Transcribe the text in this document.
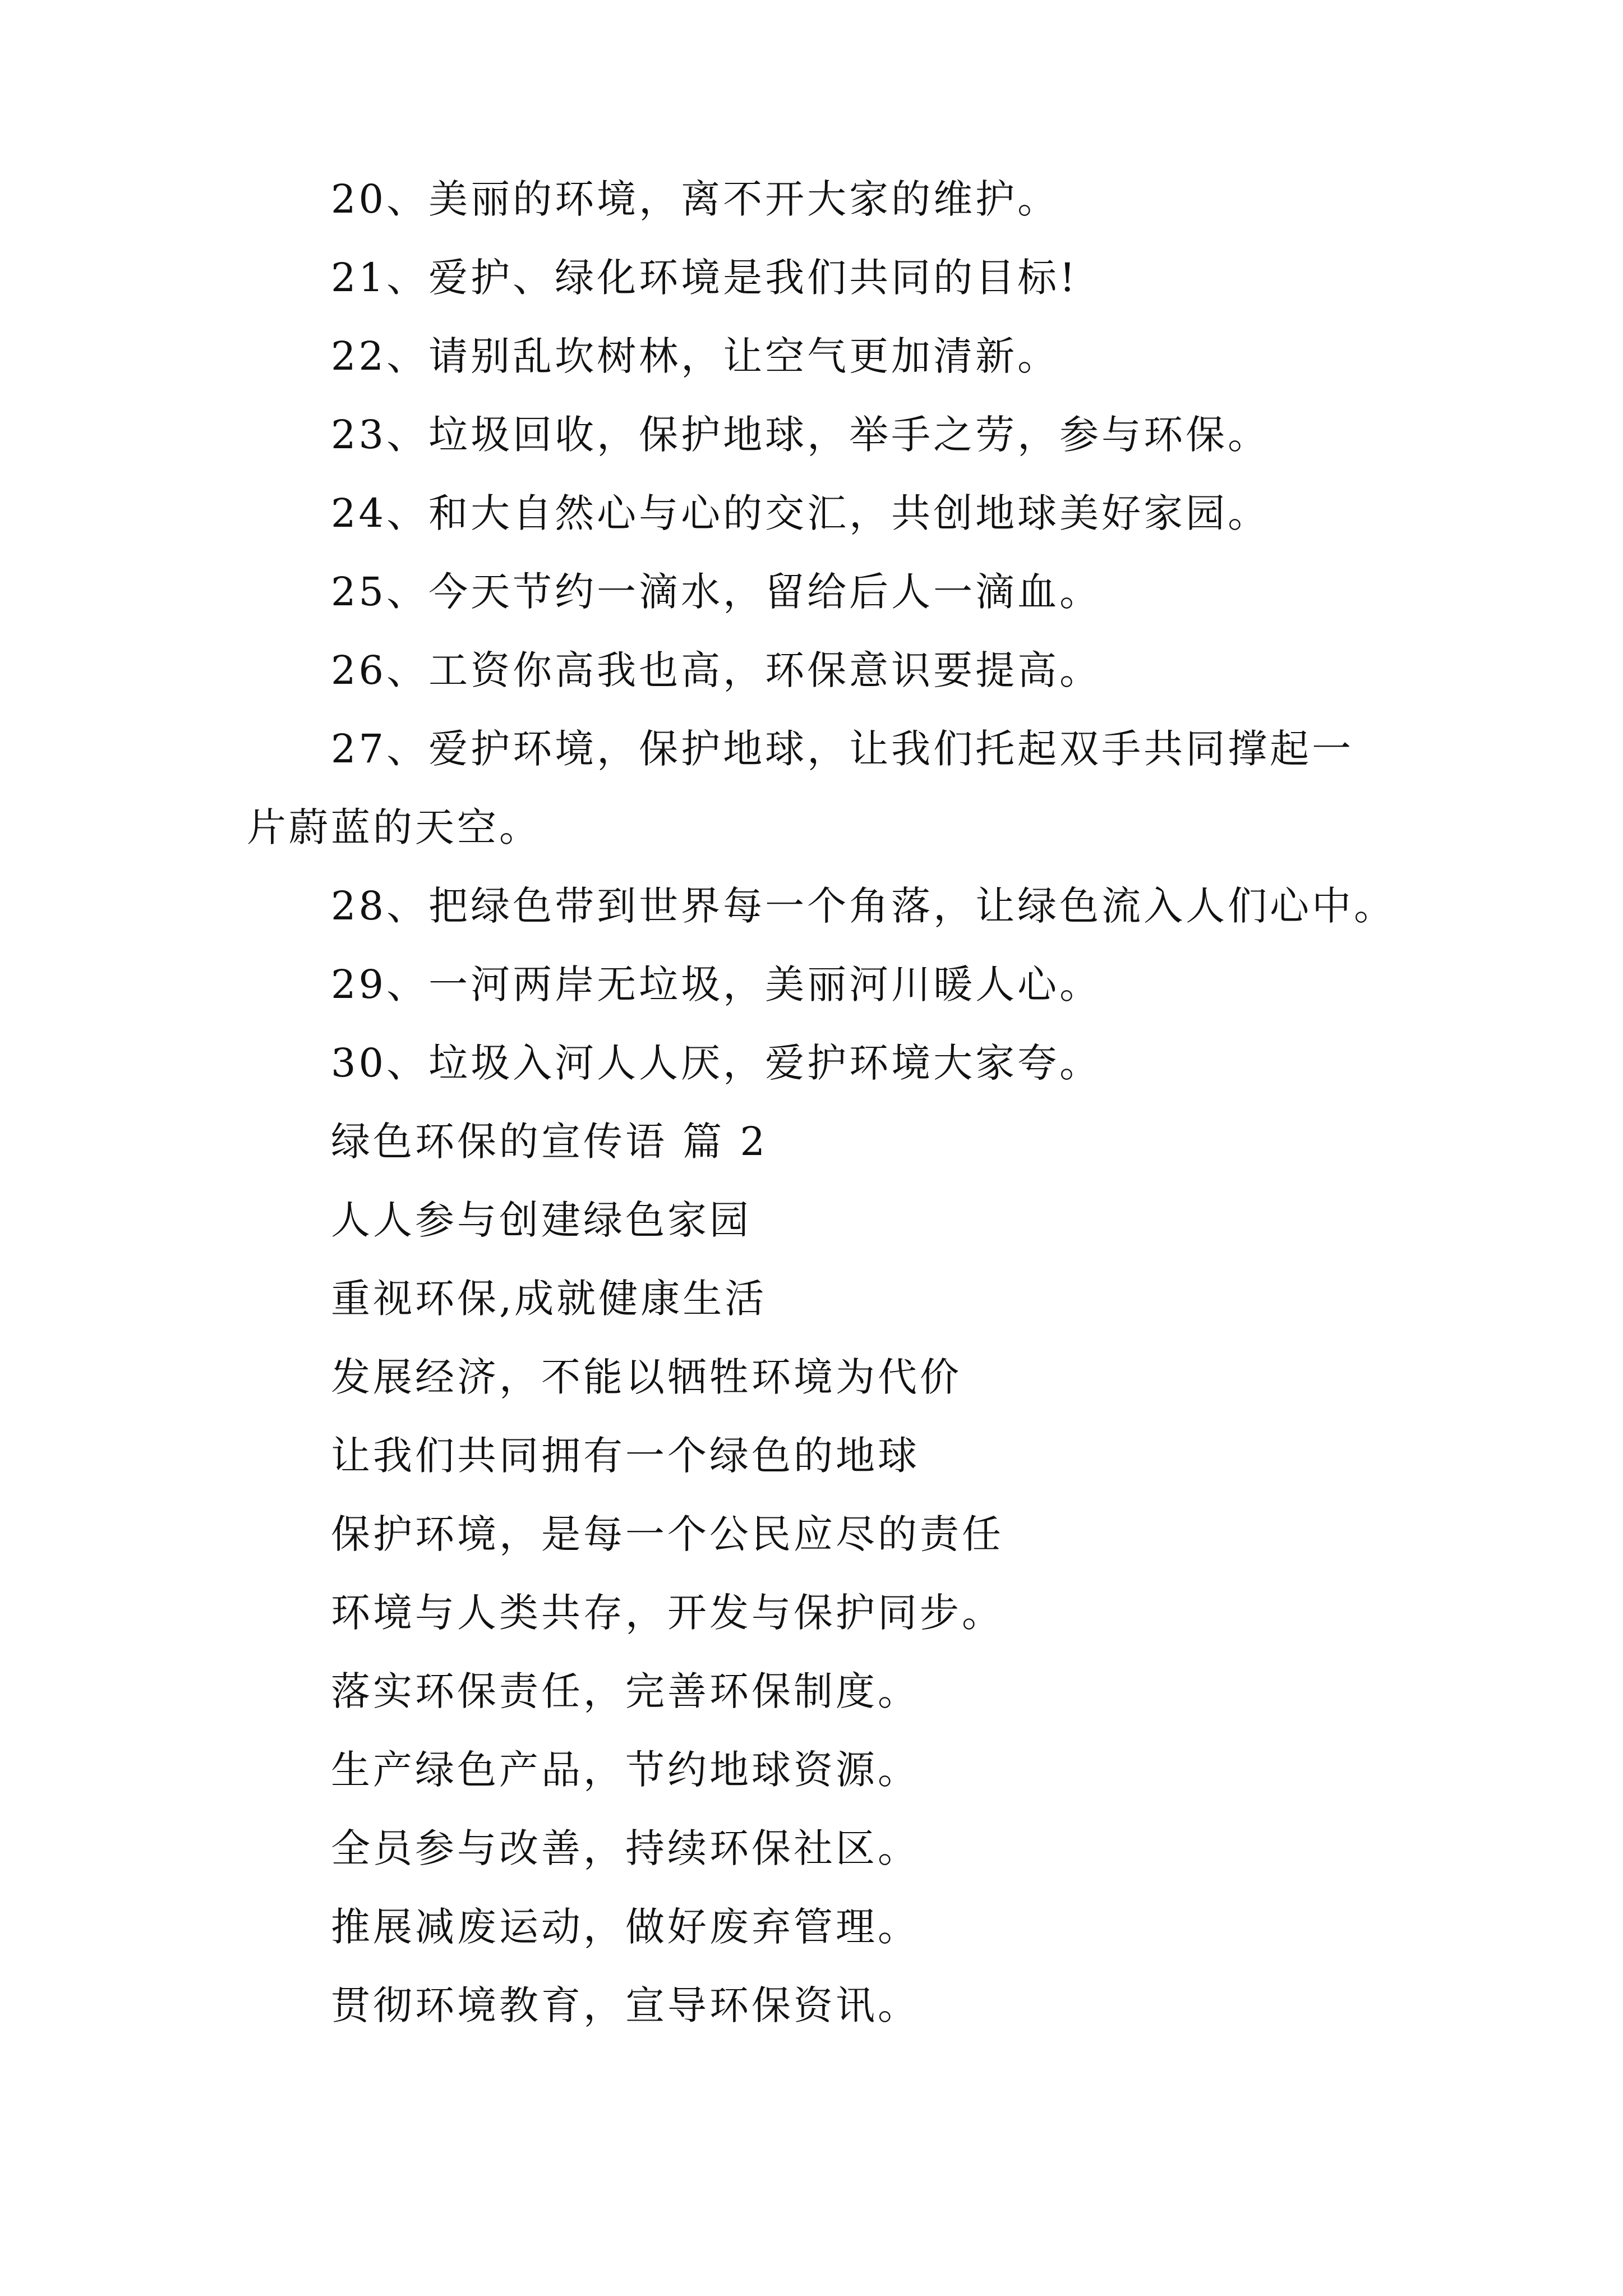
20、美丽的环境，离不开大家的维护。

21、爱护、绿化环境是我们共同的目标!

22、请别乱坎树林，让空气更加清新。

23、垃圾回收，保护地球，举手之劳，参与环保。

24、和大自然心与心的交汇，共创地球美好家园。

25、今天节约一滴水，留给后人一滴血。

26、工资你高我也高，环保意识要提高。

27、爱护环境，保护地球，让我们托起双手共同撑起一

片蔚蓝的天空。

28、把绿色带到世界每一个角落，让绿色流入人们心中。

29、一河两岸无垃圾，美丽河川暖人心。

30、垃圾入河人人厌，爱护环境大家夸。

绿色环保的宣传语 篇 2

人人参与创建绿色家园

重视环保,成就健康生活

发展经济，不能以牺牲环境为代价

让我们共同拥有一个绿色的地球

保护环境，是每一个公民应尽的责任

环境与人类共存，开发与保护同步。

落实环保责任，完善环保制度。

生产绿色产品，节约地球资源。

全员参与改善，持续环保社区。

推展减废运动，做好废弃管理。

贯彻环境教育，宣导环保资讯。
